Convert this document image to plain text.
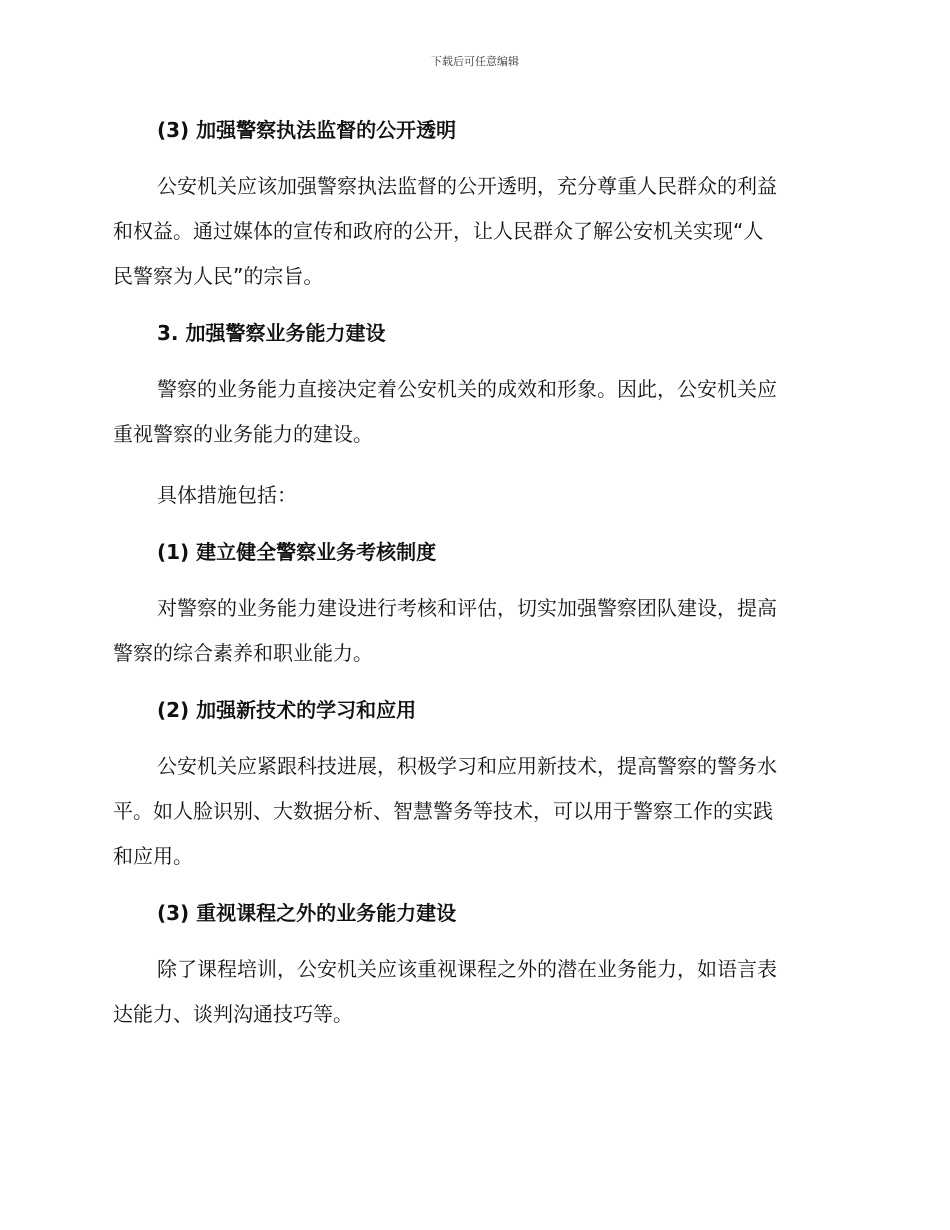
下载后可任意编辑
(3) 加强警察执法监督的公开透明

公安机关应该加强警察执法监督的公开透明，充分尊重人民群众的利益
和权益。通过媒体的宣传和政府的公开，让人民群众了解公安机关实现“人
民警察为人民”的宗旨。

3. 加强警察业务能力建设

警察的业务能力直接决定着公安机关的成效和形象。因此，公安机关应
重视警察的业务能力的建设。

具体措施包括：

(1) 建立健全警察业务考核制度

对警察的业务能力建设进行考核和评估，切实加强警察团队建设，提高
警察的综合素养和职业能力。

(2) 加强新技术的学习和应用

公安机关应紧跟科技进展，积极学习和应用新技术，提高警察的警务水
平。如人脸识别、大数据分析、智慧警务等技术，可以用于警察工作的实践
和应用。

(3) 重视课程之外的业务能力建设

除了课程培训，公安机关应该重视课程之外的潜在业务能力，如语言表
达能力、谈判沟通技巧等。
